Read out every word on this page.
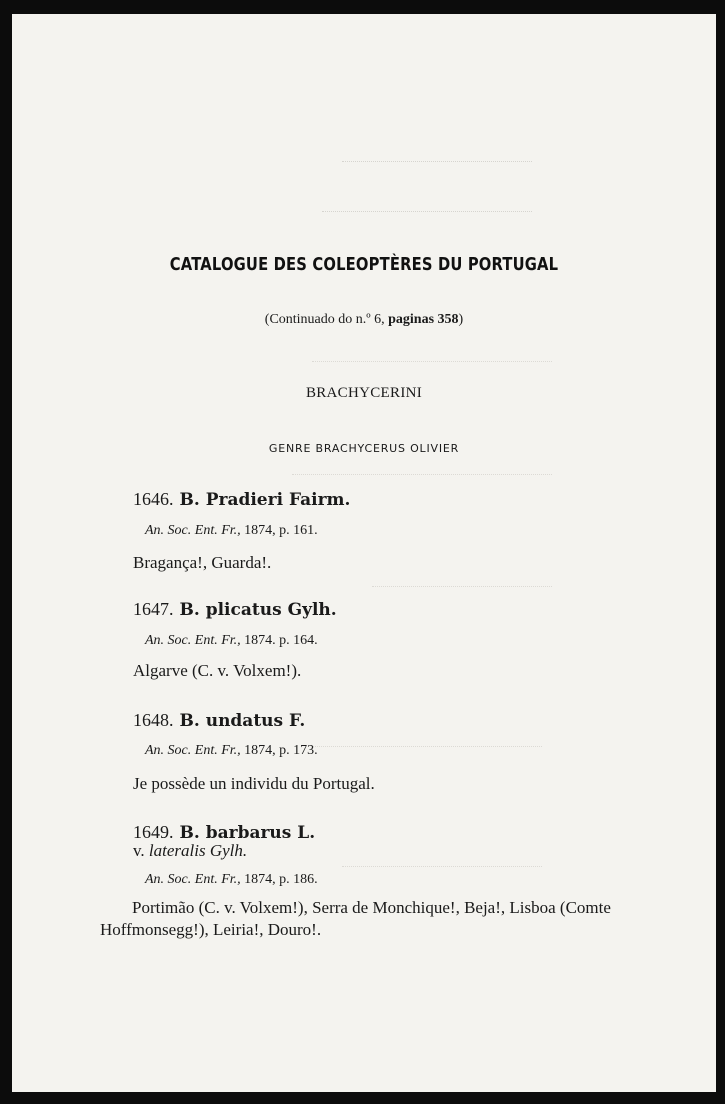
CATALOGUE DES COLEOPTÈRES DU PORTUGAL
(Continuado do n.º 6, paginas 358)
BRACHYCERINI
GENRE BRACHYCERUS OLIVIER
1646. B. Pradieri Fairm.
An. Soc. Ent. Fr., 1874, p. 161.
Bragança!, Guarda!.
1647. B. plicatus Gylh.
An. Soc. Ent. Fr., 1874. p. 164.
Algarve (C. v. Volxem!).
1648. B. undatus F.
An. Soc. Ent. Fr., 1874, p. 173.
Je possède un individu du Portugal.
1649. B. barbarus L.
v. lateralis Gylh.
An. Soc. Ent. Fr., 1874, p. 186.
Portimão (C. v. Volxem!), Serra de Monchique!, Beja!, Lisboa (Comte Hoffmonsegg!), Leiria!, Douro!.
